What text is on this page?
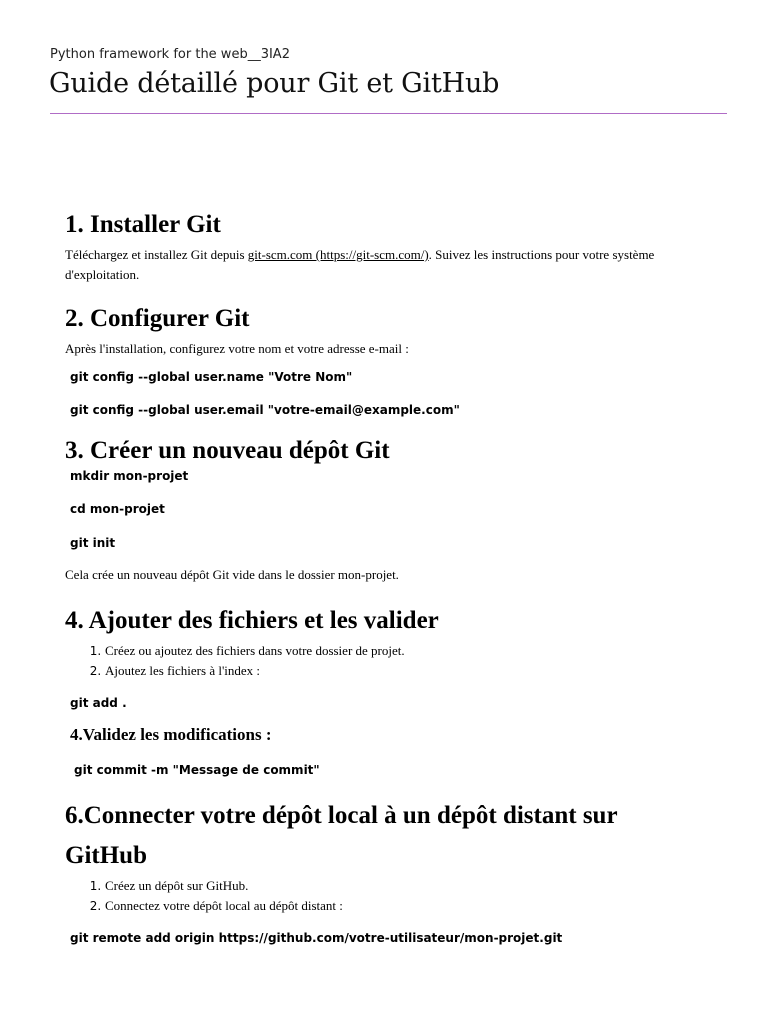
Python framework for the web__3IA2
Guide détaillé pour Git et GitHub
1. Installer Git

Téléchargez et installez Git depuis git-scm.com (https://git-scm.com/). Suivez les instructions pour votre système d'exploitation.

2. Configurer Git

Après l'installation, configurez votre nom et votre adresse e-mail :

git config --global user.name "Votre Nom"
git config --global user.email "votre-email@example.com"
3. Créer un nouveau dépôt Git
mkdir mon-projet
cd mon-projet
git init

Cela crée un nouveau dépôt Git vide dans le dossier mon-projet.

4. Ajouter des fichiers et les valider
1. Créez ou ajoutez des fichiers dans votre dossier de projet.
2. Ajoutez les fichiers à l'index :
git add .
4.Validez les modifications :
git commit -m "Message de commit"
6.Connecter votre dépôt local à un dépôt distant sur GitHub
1. Créez un dépôt sur GitHub.
2. Connectez votre dépôt local au dépôt distant :
git remote add origin https://github.com/votre-utilisateur/mon-projet.git
